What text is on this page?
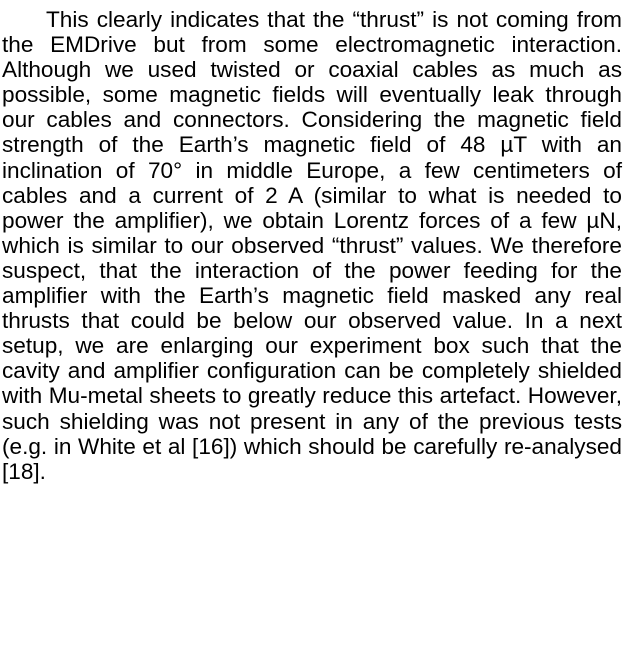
This clearly indicates that the “thrust” is not coming from the EMDrive but from some electromagnetic interaction. Although we used twisted or coaxial cables as much as possible, some magnetic fields will eventually leak through our cables and connectors. Considering the magnetic field strength of the Earth’s magnetic field of 48 µT with an inclination of 70° in middle Europe, a few centimeters of cables and a current of 2 A (similar to what is needed to power the amplifier), we obtain Lorentz forces of a few µN, which is similar to our observed “thrust” values. We therefore suspect, that the interaction of the power feeding for the amplifier with the Earth’s magnetic field masked any real thrusts that could be below our observed value. In a next setup, we are enlarging our experiment box such that the cavity and amplifier configuration can be completely shielded with Mu-metal sheets to greatly reduce this artefact. However, such shielding was not present in any of the previous tests (e.g. in White et al [16]) which should be carefully re-analysed [18].
